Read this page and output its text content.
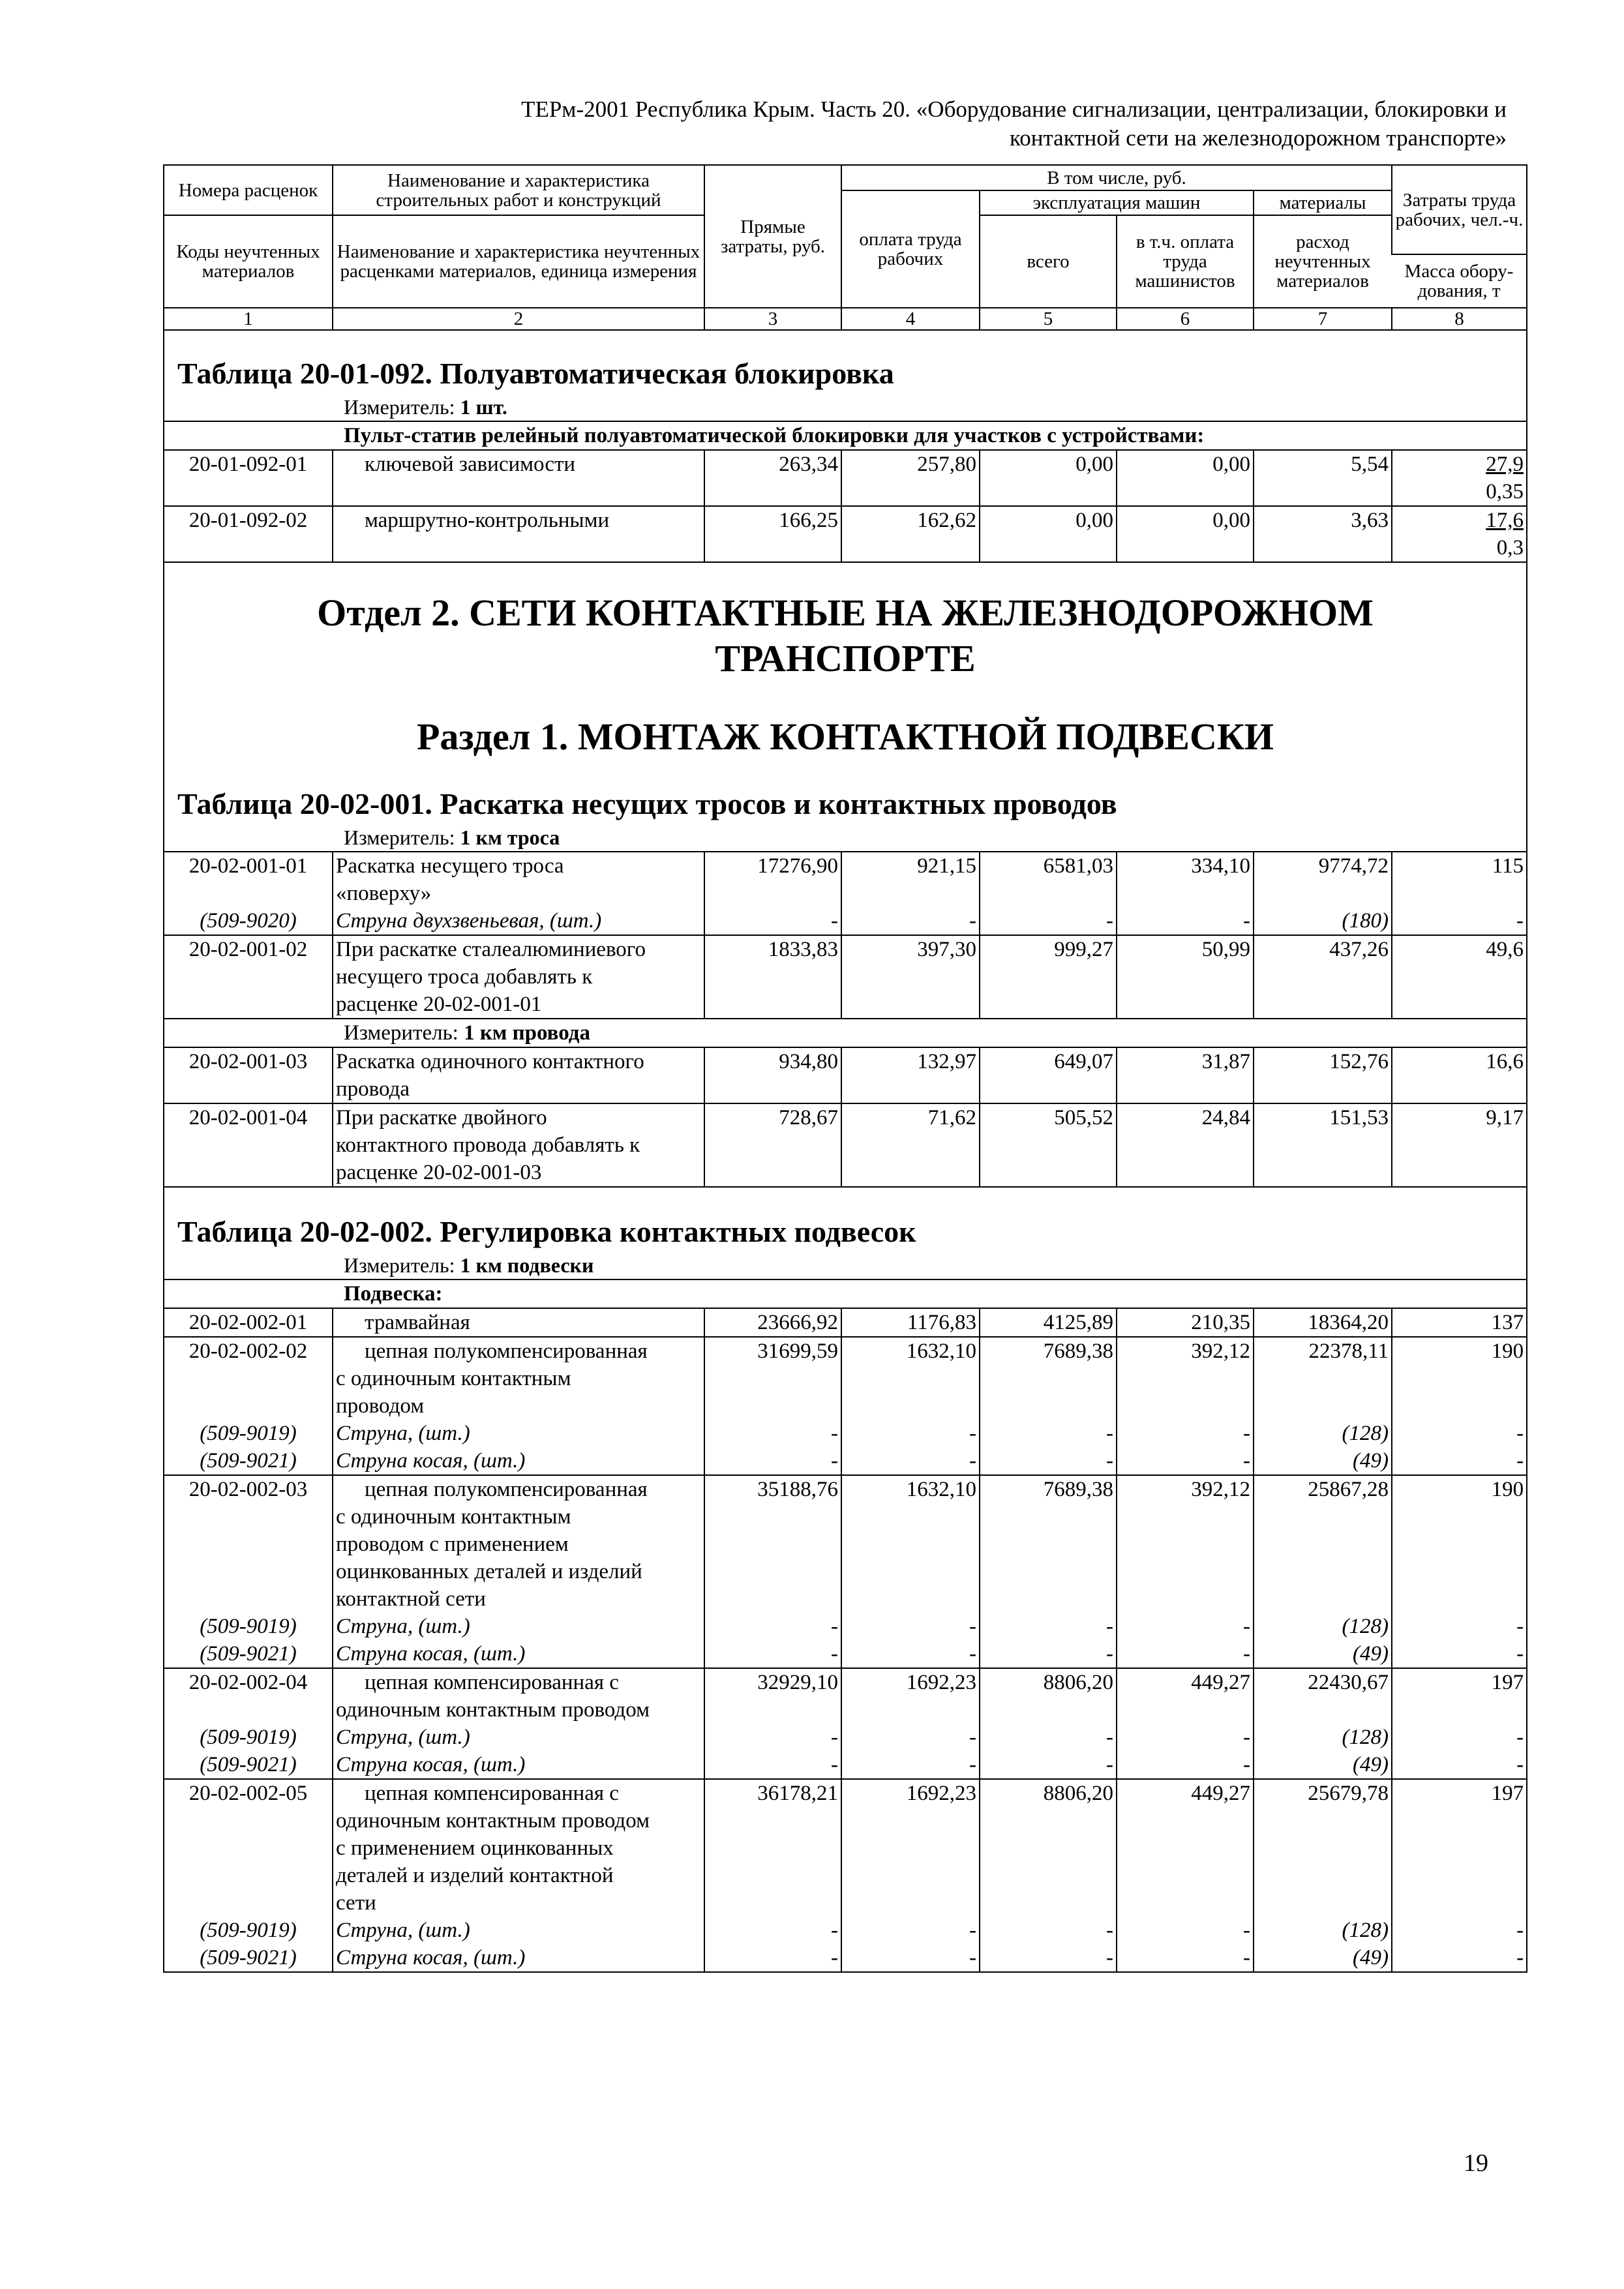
ТЕРм-2001 Республика Крым. Часть 20. «Оборудование сигнализации, централизации, блокировки и
контактной сети на железнодорожном транспорте»
Номера расценок	Наименование и характеристика строительных работ и конструкций	Прямые затраты, руб.	В том числе, руб.				Затраты труда рабочих, чел.-ч.
			оплата труда рабочих	эксплуатация машин		материалы	
Коды неучтенных материалов	Наименование и характеристика неучтенных расценками материалов, единица измерения			всего	в т.ч. оплата труда машинистов	расход неучтенных материалов	
							Масса обору-дования, т
1	2	3	4	5	6	7	8
Таблица 20-01-092. Полуавтоматическая блокировка
Измеритель: 1 шт.
Пульт-статив релейный полуавтоматической блокировки для участков с устройствами:							
20-01-092-01	ключевой зависимости	263,34	257,80	0,00	0,00	5,54	27,9
							0,35
20-01-092-02	маршрутно-контрольными	166,25	162,62	0,00	0,00	3,63	17,6
							0,3
Отдел 2. СЕТИ КОНТАКТНЫЕ НА ЖЕЛЕЗНОДОРОЖНОМ
ТРАНСПОРТЕ
Раздел 1. МОНТАЖ КОНТАКТНОЙ ПОДВЕСКИ
Таблица 20-02-001. Раскатка несущих тросов и контактных проводов
Измеритель: 1 км троса
20-02-001-01	Раскатка несущего троса
«поверху»	17276,90	921,15	6581,03	334,10	9774,72	115
(509-9020)	Струна двухзвеньевая, (шт.)	-	-	-	-	(180)	-
20-02-001-02	При раскатке сталеалюминиевого
несущего троса добавлять к
расценке 20-02-001-01	1833,83	397,30	999,27	50,99	437,26	49,6
Измеритель: 1 км провода							
20-02-001-03	Раскатка одиночного контактного
провода	934,80	132,97	649,07	31,87	152,76	16,6
20-02-001-04	При раскатке двойного
контактного провода добавлять к
расценке 20-02-001-03	728,67	71,62	505,52	24,84	151,53	9,17
Таблица 20-02-002. Регулировка контактных подвесок
Измеритель: 1 км подвески
Подвеска:							
20-02-002-01	трамвайная	23666,92	1176,83	4125,89	210,35	18364,20	137
20-02-002-02	цепная полукомпенсированная
с одиночным контактным
проводом	31699,59	1632,10	7689,38	392,12	22378,11	190
(509-9019)	Струна, (шт.)	-	-	-	-	(128)	-
(509-9021)	Струна косая, (шт.)	-	-	-	-	(49)	-
20-02-002-03	цепная полукомпенсированная
с одиночным контактным
проводом с применением
оцинкованных деталей и изделий
контактной сети	35188,76	1632,10	7689,38	392,12	25867,28	190
(509-9019)	Струна, (шт.)	-	-	-	-	(128)	-
(509-9021)	Струна косая, (шт.)	-	-	-	-	(49)	-
20-02-002-04	цепная компенсированная с
одиночным контактным проводом	32929,10	1692,23	8806,20	449,27	22430,67	197
(509-9019)	Струна, (шт.)	-	-	-	-	(128)	-
(509-9021)	Струна косая, (шт.)	-	-	-	-	(49)	-
20-02-002-05	цепная компенсированная с
одиночным контактным проводом
с применением оцинкованных
деталей и изделий контактной
сети	36178,21	1692,23	8806,20	449,27	25679,78	197
(509-9019)	Струна, (шт.)	-	-	-	-	(128)	-
(509-9021)	Струна косая, (шт.)	-	-	-	-	(49)	-
19
